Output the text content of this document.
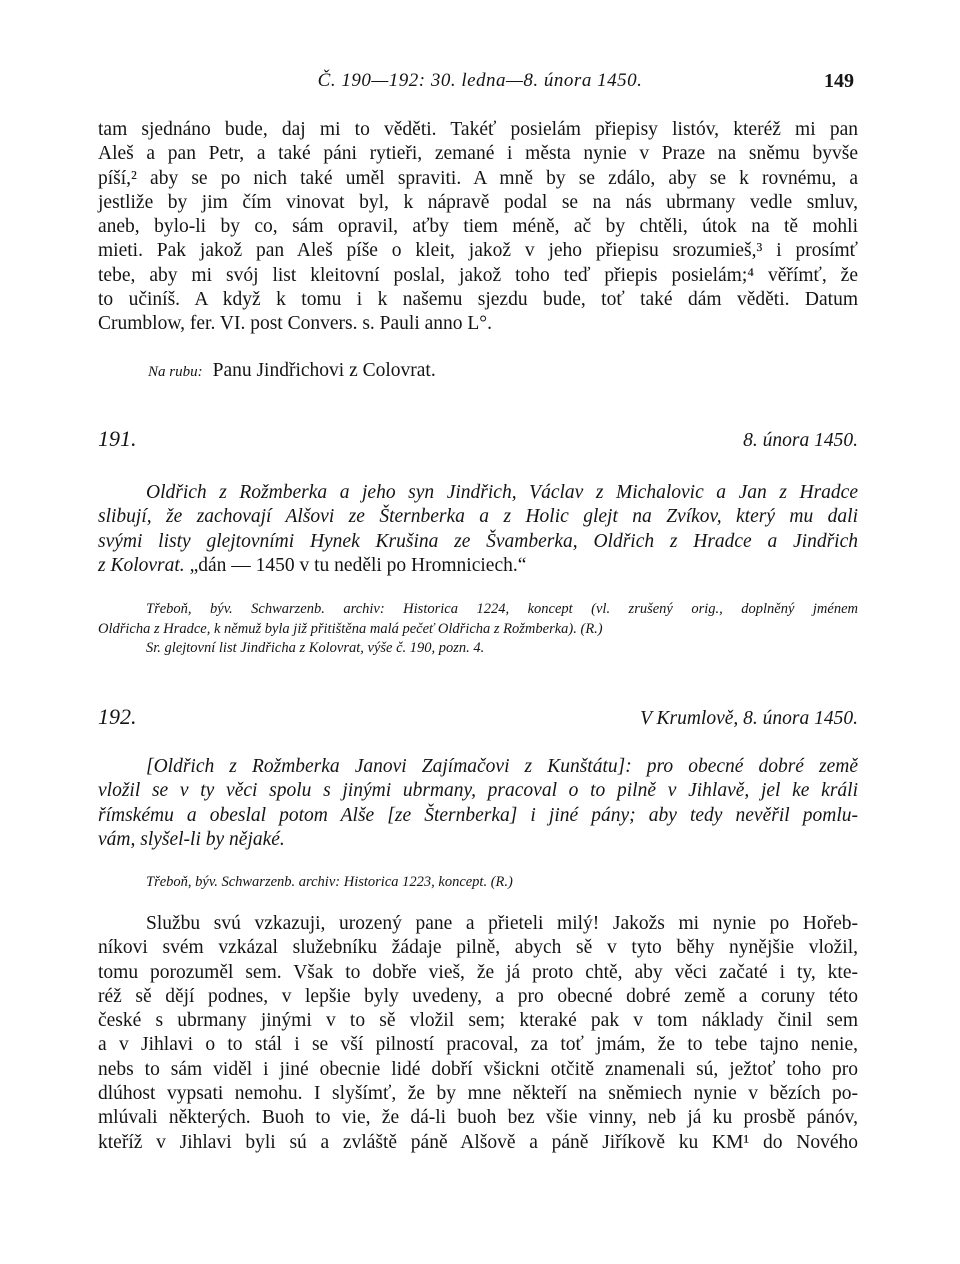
Č. 190—192: 30. ledna—8. února 1450.	149
tam sjednáno bude, daj mi to věděti. Takéť posielám přiepisy listóv, kteréž mi pan
Aleš a pan Petr, a také páni rytieři, zemané i města nynie v Praze na sněmu byvše
píší,² aby se po nich také uměl spraviti. A mně by se zdálo, aby se k rovnému, a
jestliže by jim čím vinovat byl, k nápravě podal se na nás ubrmany vedle smluv,
aneb, bylo-li by co, sám opravil, aťby tiem méně, ač by chtěli, útok na tě mohli
mieti. Pak jakož pan Aleš píše o kleit, jakož v jeho přiepisu srozumieš,³ i prosímť
tebe, aby mi svój list kleitovní poslal, jakož toho teď přiepis posielám;⁴ věřímť, že
to učiníš. A když k tomu i k našemu sjezdu bude, toť také dám věděti. Datum
Crumblow, fer. VI. post Convers. s. Pauli anno L°.
Na rubu: Panu Jindřichovi z Colovrat.
191.	8. února 1450.
Oldřich z Rožmberka a jeho syn Jindřich, Václav z Michalovic a Jan z Hradce
slibují, že zachovají Alšovi ze Šternberka a z Holic glejt na Zvíkov, který mu dali
svými listy glejtovními Hynek Krušina ze Švamberka, Oldřich z Hradce a Jindřich
z Kolovrat. „dán — 1450 v tu neděli po Hromniciech.“
Třeboň, býv. Schwarzenb. archiv: Historica 1224, koncept (vl. zrušený orig., doplněný jménem
Oldřicha z Hradce, k němuž byla již přitištěna malá pečeť Oldřicha z Rožmberka). (R.)
Sr. glejtovní list Jindřicha z Kolovrat, výše č. 190, pozn. 4.
192.	V Krumlově, 8. února 1450.
[Oldřich z Rožmberka Janovi Zajímačovi z Kunštátu]: pro obecné dobré země
vložil se v ty věci spolu s jinými ubrmany, pracoval o to pilně v Jihlavě, jel ke králi
římskému a obeslal potom Alše [ze Šternberka] i jiné pány; aby tedy nevěřil pomlu-
vám, slyšel-li by nějaké.
Třeboň, býv. Schwarzenb. archiv: Historica 1223, koncept. (R.)
Službu svú vzkazuji, urozený pane a přieteli milý! Jakožs mi nynie po Hořeb-
níkovi svém vzkázal služebníku žádaje pilně, abych sě v tyto běhy nynějšie vložil,
tomu porozuměl sem. Však to dobře vieš, že já proto chtě, aby věci začaté i ty, kte-
réž sě dějí podnes, v lepšie byly uvedeny, a pro obecné dobré země a coruny této
české s ubrmany jinými v to sě vložil sem; kteraké pak v tom náklady činil sem
a v Jihlavi o to stál i se vší pilností pracoval, za toť jmám, že to tebe tajno nenie,
nebs to sám viděl i jiné obecnie lidé dobří všickni otčitě znamenali sú, ježtoť toho pro
dlúhost vypsati nemohu. I slyšímť, že by mne někteří na sněmiech nynie v bězích po-
mlúvali některých. Buoh to vie, že dá-li buoh bez všie vinny, neb já ku prosbě pánóv,
kteříž v Jihlavi byli sú a zvláště páně Alšově a páně Jiříkově ku KM¹ do Nového
